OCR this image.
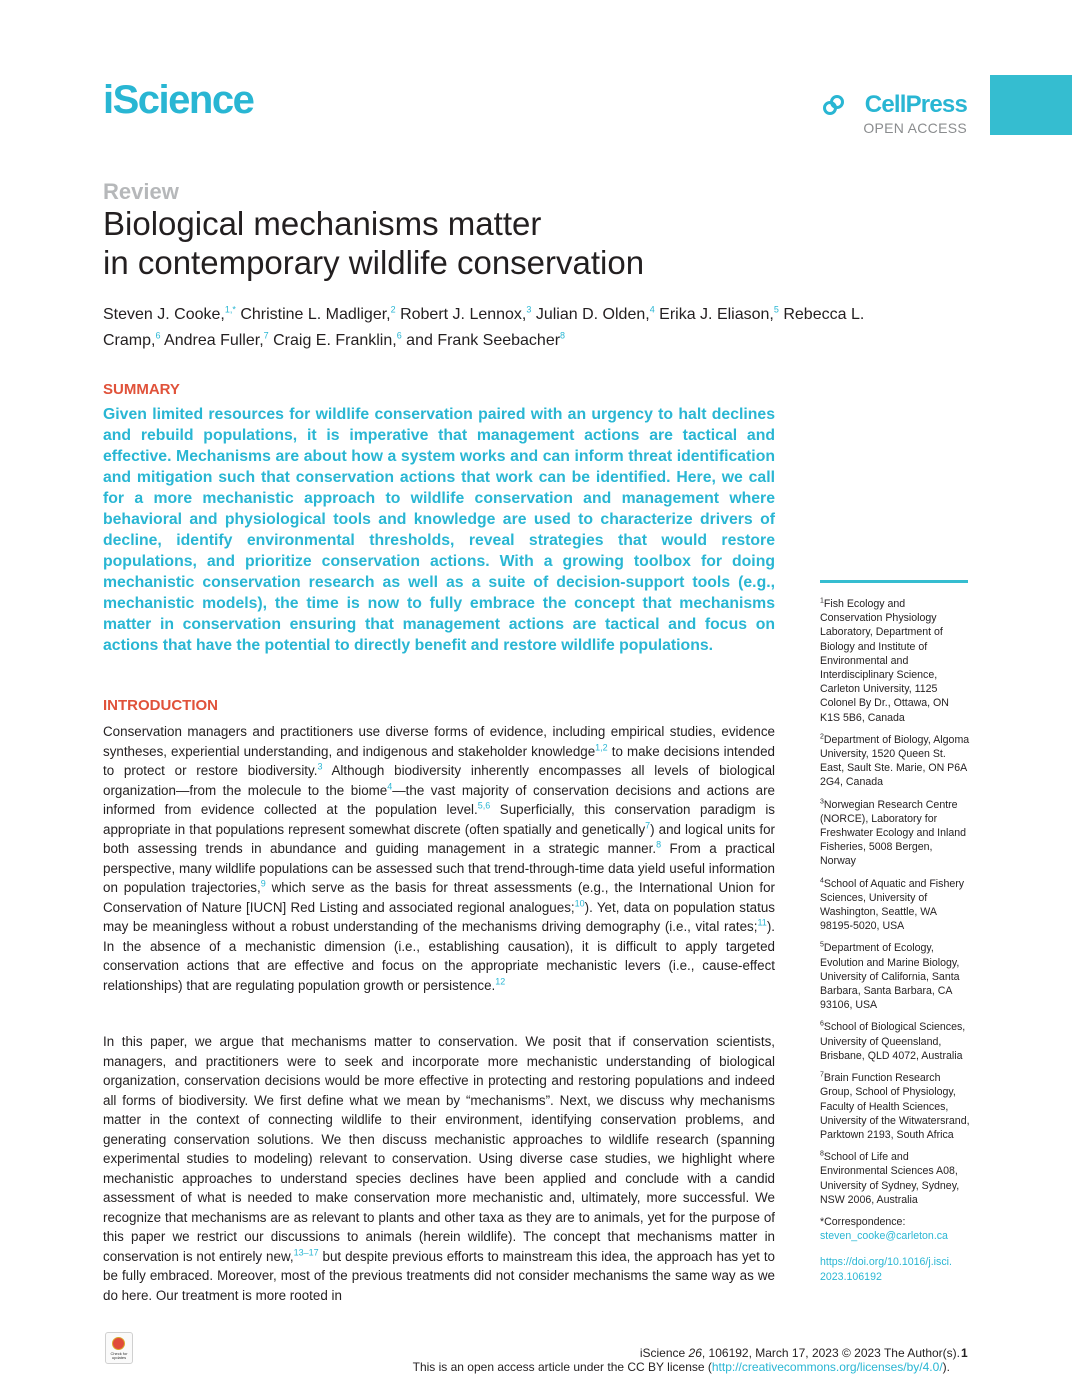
iScience	CellPress
OPEN ACCESS
Review
Biological mechanisms matter
in contemporary wildlife conservation

Steven J. Cooke,$^{1,*}$ Christine L. Madliger,$^2$ Robert J. Lennox,$^3$ Julian D. Olden,$^4$ Erika J. Eliason,$^5$ Rebecca L. Cramp,$^6$ Andrea Fuller,$^7$ Craig E. Franklin,$^6$ and Frank Seebacher$^8$

SUMMARY

Given limited resources for wildlife conservation paired with an urgency to halt declines and rebuild populations, it is imperative that management actions are tactical and effective. Mechanisms are about how a system works and can inform threat identification and mitigation such that conservation actions that work can be identified. Here, we call for a more mechanistic approach to wildlife conservation and management where behavioral and physiological tools and knowledge are used to characterize drivers of decline, identify environmental thresholds, reveal strategies that would restore populations, and prioritize conservation actions. With a growing toolbox for doing mechanistic conservation research as well as a suite of decision-support tools (e.g., mechanistic models), the time is now to fully embrace the concept that mechanisms matter in conservation ensuring that management actions are tactical and focus on actions that have the potential to directly benefit and restore wildlife populations.

INTRODUCTION

Conservation managers and practitioners use diverse forms of evidence, including empirical studies, evidence syntheses, experiential understanding, and indigenous and stakeholder knowledge$^{1,2}$ to make decisions intended to protect or restore biodiversity.$^3$ Although biodiversity inherently encompasses all levels of biological organization—from the molecule to the biome$^4$—the vast majority of conservation decisions and actions are informed from evidence collected at the population level.$^{5,6}$ Superficially, this conservation paradigm is appropriate in that populations represent somewhat discrete (often spatially and genetically$^7$) and logical units for both assessing trends in abundance and guiding management in a strategic manner.$^8$ From a practical perspective, many wildlife populations can be assessed such that trend-through-time data yield useful information on population trajectories,$^9$ which serve as the basis for threat assessments (e.g., the International Union for Conservation of Nature [IUCN] Red Listing and associated regional analogues;$^{10}$). Yet, data on population status may be meaningless without a robust understanding of the mechanisms driving demography (i.e., vital rates;$^{11}$). In the absence of a mechanistic dimension (i.e., establishing causation), it is difficult to apply targeted conservation actions that are effective and focus on the appropriate mechanistic levers (i.e., cause-effect relationships) that are regulating population growth or persistence.$^{12}$

In this paper, we argue that mechanisms matter to conservation. We posit that if conservation scientists, managers, and practitioners were to seek and incorporate more mechanistic understanding of biological organization, conservation decisions would be more effective in protecting and restoring populations and indeed all forms of biodiversity. We first define what we mean by “mechanisms”. Next, we discuss why mechanisms matter in the context of connecting wildlife to their environment, identifying conservation problems, and generating conservation solutions. We then discuss mechanistic approaches to wildlife research (spanning experimental studies to modeling) relevant to conservation. Using diverse case studies, we highlight where mechanistic approaches to understand species declines have been applied and conclude with a candid assessment of what is needed to make conservation more mechanistic and, ultimately, more successful. We recognize that mechanisms are as relevant to plants and other taxa as they are to animals, yet for the purpose of this paper we restrict our discussions to animals (herein wildlife). The concept that mechanisms matter in conservation is not entirely new,$^{13-17}$ but despite previous efforts to mainstream this idea, the approach has yet to be fully embraced. Moreover, most of the previous treatments did not consider mechanisms the same way as we do here. Our treatment is more rooted in

$^1$Fish Ecology and Conservation Physiology Laboratory, Department of Biology and Institute of Environmental and Interdisciplinary Science, Carleton University, 1125 Colonel By Dr., Ottawa, ON K1S 5B6, Canada

$^2$Department of Biology, Algoma University, 1520 Queen St. East, Sault Ste. Marie, ON P6A 2G4, Canada

$^3$Norwegian Research Centre (NORCE), Laboratory for Freshwater Ecology and Inland Fisheries, 5008 Bergen, Norway

$^4$School of Aquatic and Fishery Sciences, University of Washington, Seattle, WA 98195-5020, USA

$^5$Department of Ecology, Evolution and Marine Biology, University of California, Santa Barbara, Santa Barbara, CA 93106, USA

$^6$School of Biological Sciences, University of Queensland, Brisbane, QLD 4072, Australia

$^7$Brain Function Research Group, School of Physiology, Faculty of Health Sciences, University of the Witwatersrand, Parktown 2193, South Africa

$^8$School of Life and Environmental Sciences A08, University of Sydney, Sydney, NSW 2006, Australia

*Correspondence:

steven_cooke@carleton.ca

https://doi.org/10.1016/j.isci.
2023.106192

Check for updates	iScience 26, 106192, March 17, 2023 © 2023 The Author(s). 1
This is an open access article under the CC BY license (http://creativecommons.org/licenses/by/4.0/).
